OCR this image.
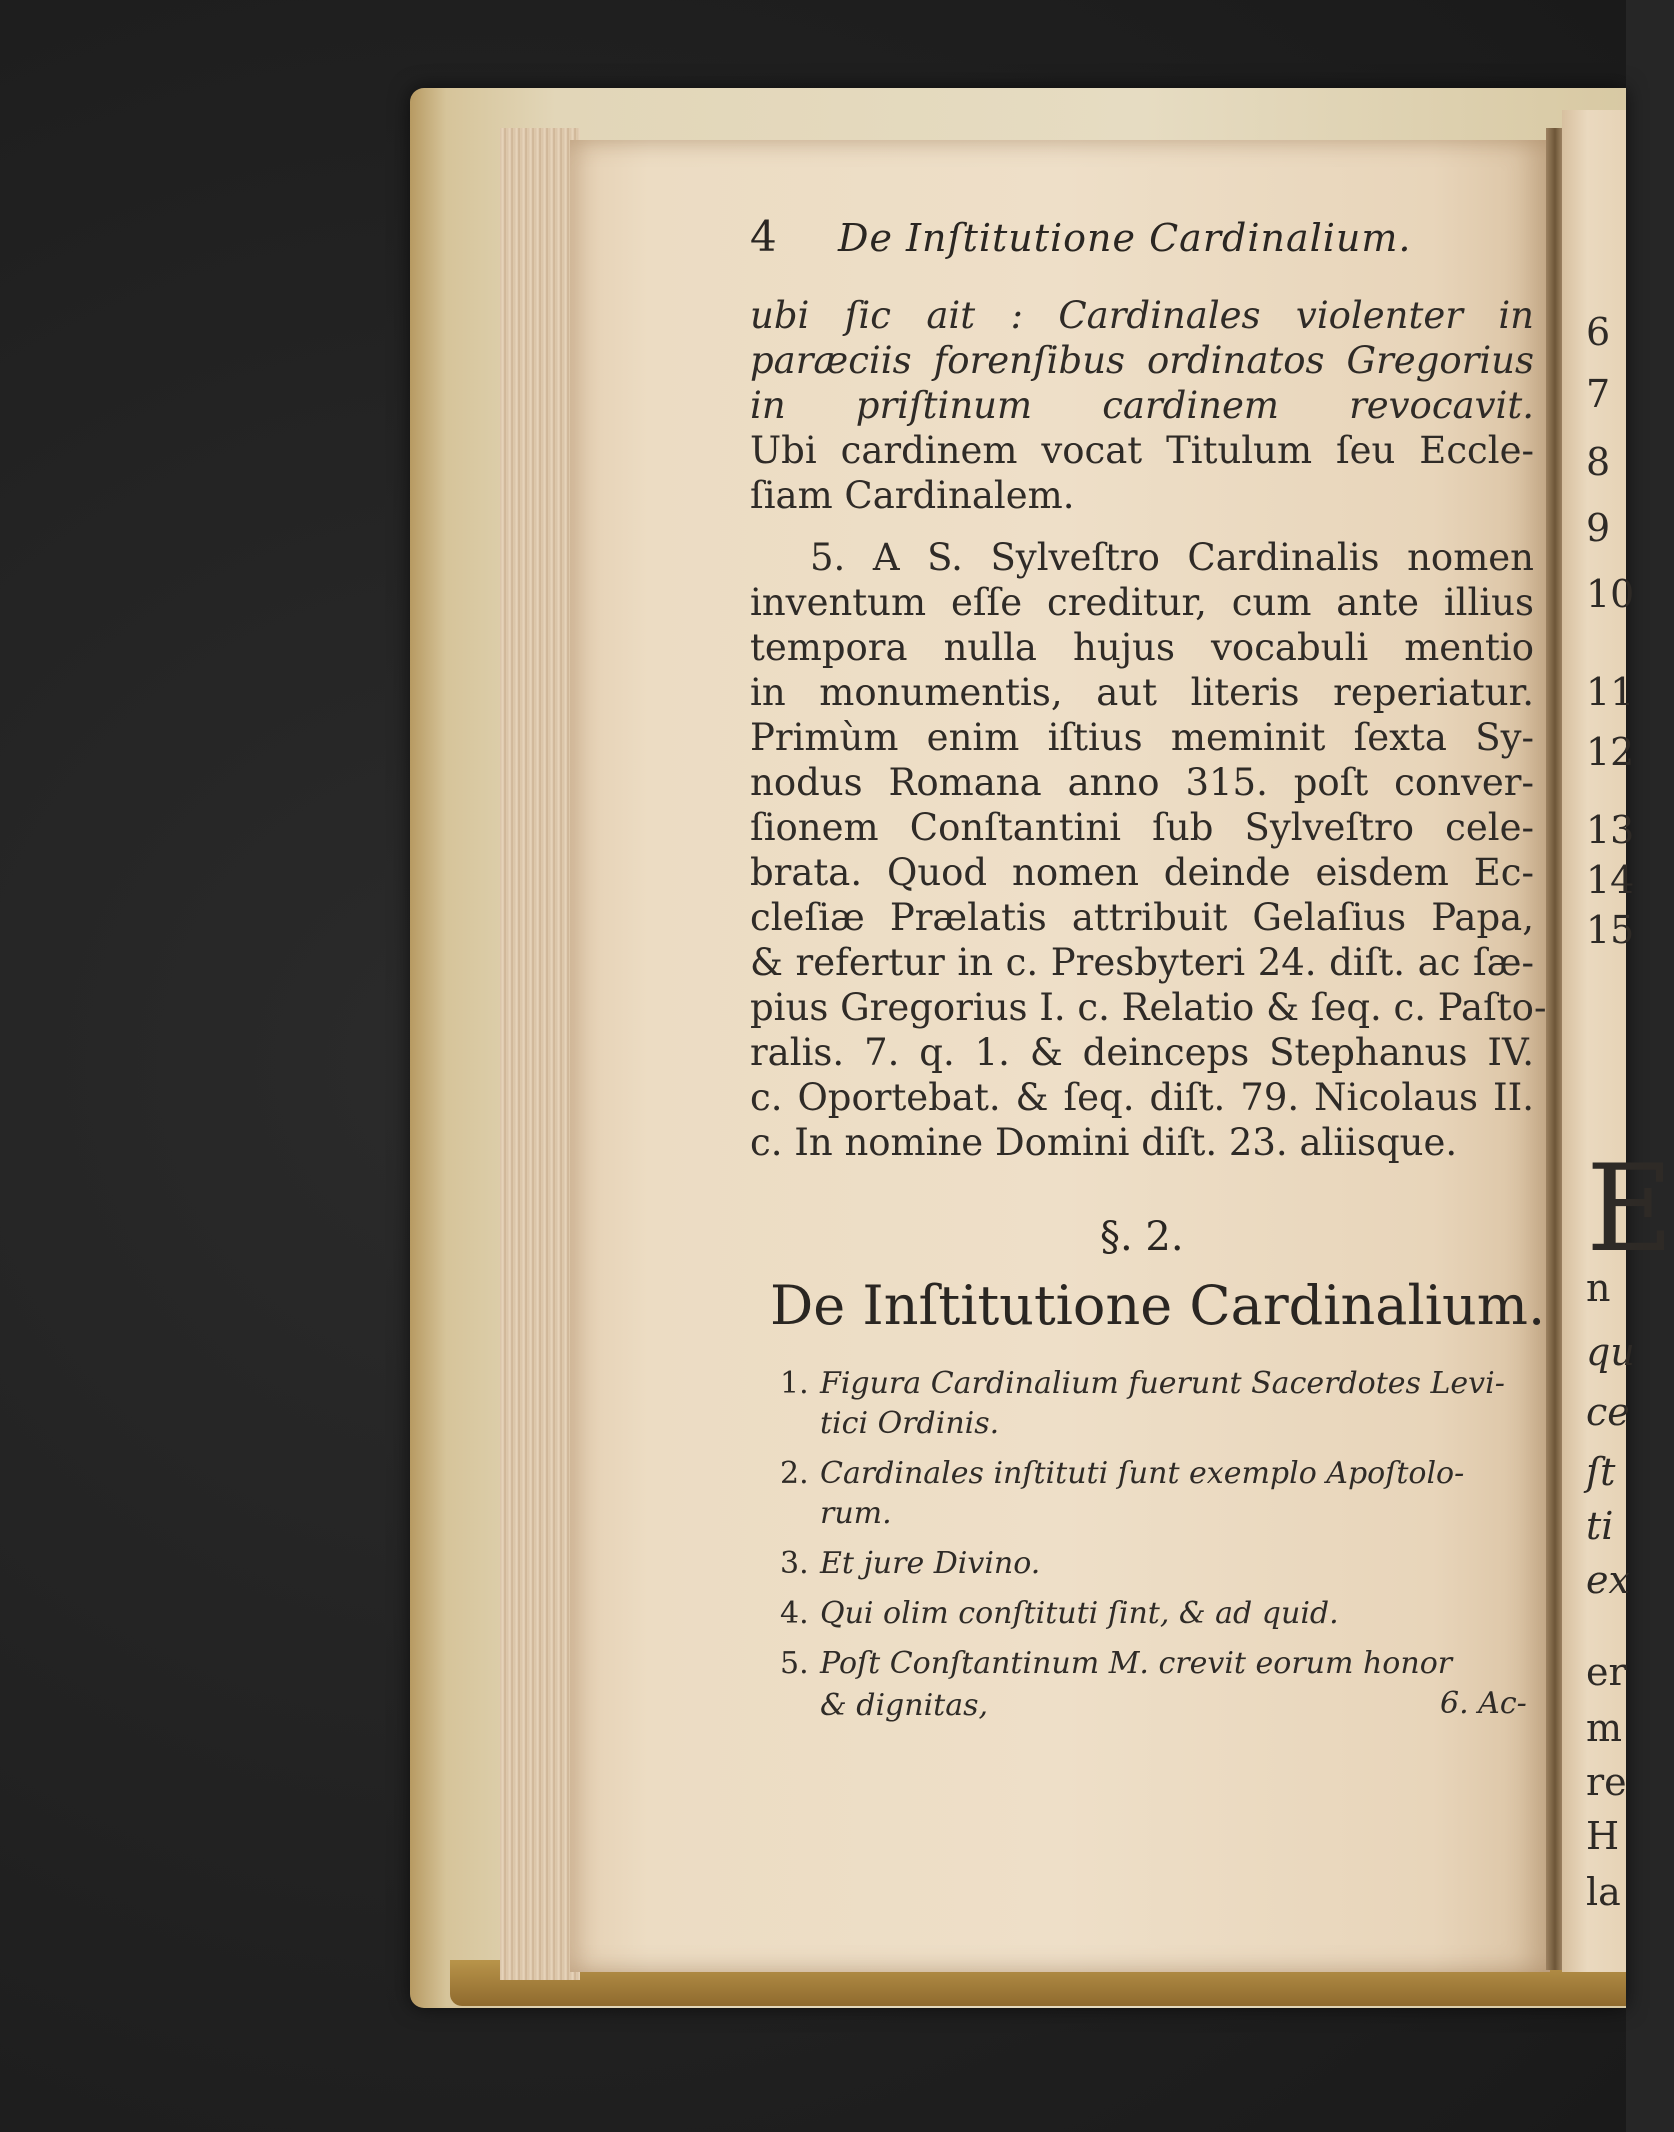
6
7
8
9
10
11
12
13
14
15
E
n
qu
ce
ſt
ti
ex
er
m
re
H
la
4 De Inſtitutione Cardinalium.
ubi ſic ait : Cardinales violenter in
paræciis forenſibus ordinatos Gregorius
in priſtinum cardinem revocavit.
Ubi cardinem vocat Titulum ſeu Eccle-
ſiam Cardinalem.
5. A S. Sylveſtro Cardinalis nomen
inventum eſſe creditur, cum ante illius
tempora nulla hujus vocabuli mentio
in monumentis, aut literis reperiatur.
Primùm enim iſtius meminit ſexta Sy-
nodus Romana anno 315. poſt conver-
ſionem Conſtantini ſub Sylveſtro cele-
brata. Quod nomen deinde eisdem Ec-
cleſiæ Prælatis attribuit Gelaſius Papa,
& refertur in c. Presbyteri 24. diſt. ac ſæ-
pius Gregorius I. c. Relatio & ſeq. c. Paſto-
ralis. 7. q. 1. & deinceps Stephanus IV.
c. Oportebat. & ſeq. diſt. 79. Nicolaus II.
c. In nomine Domini diſt. 23. aliisque.
§. 2.
De Inſtitutione Cardinalium.
1. Figura Cardinalium fuerunt Sacerdotes Levi-
tici Ordinis.
2. Cardinales inſtituti ſunt exemplo Apoſtolo-
rum.
3. Et jure Divino.
4. Qui olim conſtituti ſint, & ad quid.
5. Poſt Conſtantinum M. crevit eorum honor
& dignitas,	6. Ac-
